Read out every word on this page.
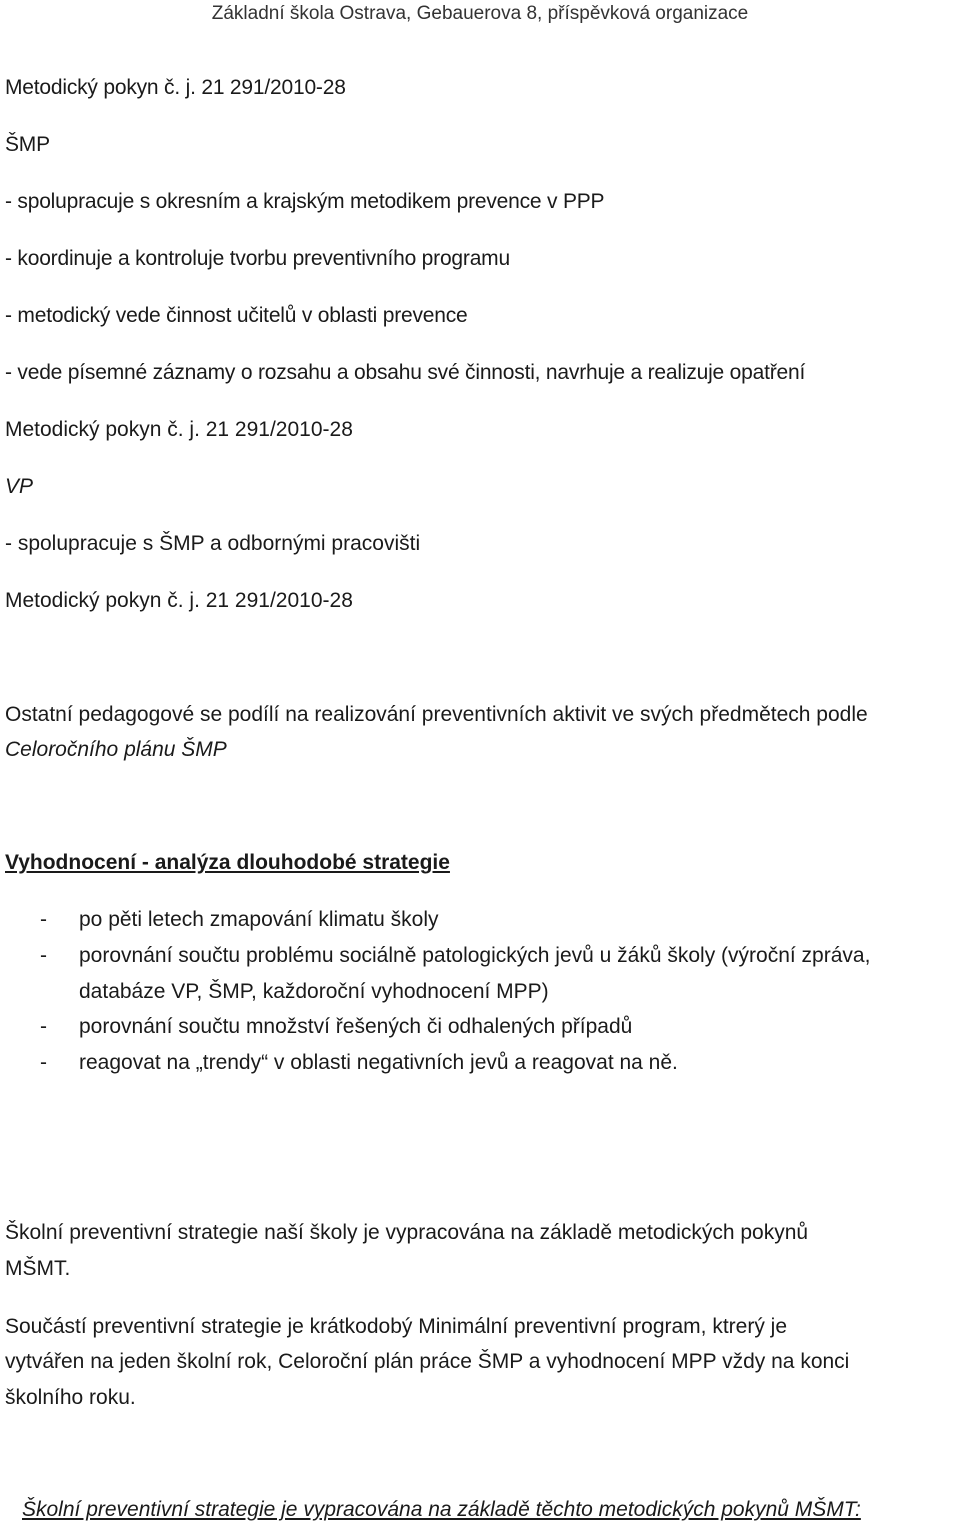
Základní škola Ostrava, Gebauerova 8, příspěvková organizace
Metodický pokyn č. j. 21 291/2010-28
ŠMP
- spolupracuje s okresním a krajským metodikem prevence v PPP
- koordinuje a kontroluje tvorbu preventivního programu
- metodický vede činnost učitelů v oblasti prevence
- vede písemné záznamy o rozsahu a obsahu své činnosti, navrhuje a realizuje opatření
Metodický pokyn č. j. 21 291/2010-28
VP
- spolupracuje s ŠMP a odbornými pracovišti
Metodický pokyn č. j. 21 291/2010-28
Ostatní pedagogové se podílí na realizování preventivních aktivit ve svých předmětech podle
Celoročního plánu ŠMP
Vyhodnocení - analýza dlouhodobé strategie
- po pěti letech zmapování klimatu školy
- porovnání součtu problému sociálně patologických jevů u žáků školy (výroční zpráva,
databáze VP, ŠMP, každoroční vyhodnocení MPP)
- porovnání součtu množství řešených či odhalených případů
- reagovat na „trendy“ v oblasti negativních jevů a reagovat na ně.
Školní preventivní strategie naší školy je vypracována na základě metodických pokynů
MŠMT.
Součástí preventivní strategie je krátkodobý Minimální preventivní program, ktrerý je
vytvářen na jeden školní rok, Celoroční plán práce ŠMP a vyhodnocení MPP vždy na konci
školního roku.
Školní preventivní strategie je vypracována na základě těchto metodických pokynů MŠMT:
